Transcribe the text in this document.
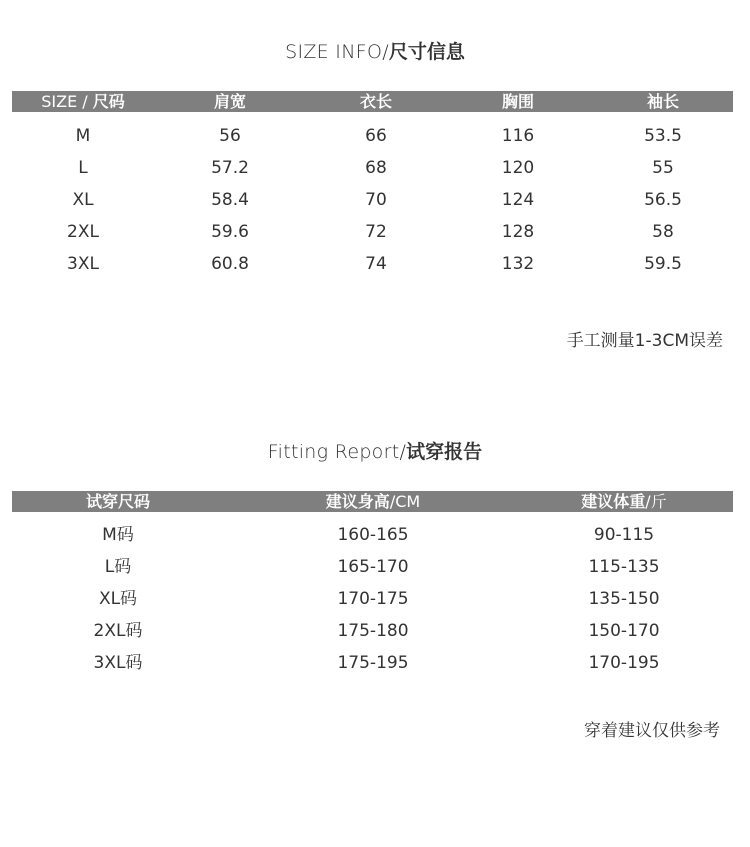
SIZE INFO/尺寸信息
SIZE / 尺码	肩宽	衣长	胸围	袖长
M	56	66	116	53.5
L	57.2	68	120	55
XL	58.4	70	124	56.5
2XL	59.6	72	128	58
3XL	60.8	74	132	59.5
手工测量1-3CM误差
Fitting Report/试穿报告
试穿尺码	建议身高/CM	建议体重/斤
M码	160-165	90-115
L码	165-170	115-135
XL码	170-175	135-150
2XL码	175-180	150-170
3XL码	175-195	170-195
穿着建议仅供参考
